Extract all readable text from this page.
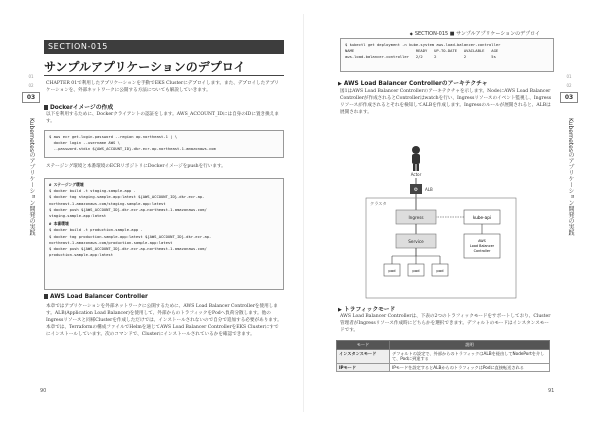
01
02
03
Kubernetesのアプリケーション開発の実践
SECTION-015
サンプルアプリケーションのデプロイ
CHAPTER 01で利用したアプリケーションを手動でEKS Clusterにデプロイします。また、デプロイしたアプリケーションを、外部ネットワークに公開する方法についても解説していきます。
Dockerイメージの作成
以下を利用するために、Dockerクライアントの認証をします。AWS_ACCOUNT_IDには自身のIDに置き換えます。
$ aws ecr get-login-password --region ap-northeast-1 | \
docker login --username AWS \
--password-stdin ${AWS_ACCOUNT_ID}.dkr.ecr.ap-northeast-1.amazonaws.com
ステージング環境と本番環境のECRリポジトリにDockerイメージをpushを行います。
# ステージング環境
$ docker build -t staging-sample-app .
$ docker tag staging-sample-app:latest ${AWS_ACCOUNT_ID}.dkr.ecr.ap-
northeast-1.amazonaws.com/staging-sample-app:latest
$ docker push ${AWS_ACCOUNT_ID}.dkr.ecr.ap-northeast-1.amazonaws.com/
staging-sample-app:latest
# 本番環境
$ docker build -t production-sample-app .
$ docker tag production-sample-app:latest ${AWS_ACCOUNT_ID}.dkr.ecr.ap-
northeast-1.amazonaws.com/production-sample-app:latest
$ docker push ${AWS_ACCOUNT_ID}.dkr.ecr.ap-northeast-1.amazonaws.com/
production-sample-app:latest
AWS Load Balancer Controller
本章ではアプリケーションを外部ネットワークに公開するために、AWS Load Balancer Controllerを使用します。ALB(Application Load Balancer)を使用して、外部からのトラフィックをPodへ負荷分散します。他のIngressリソースと同様Clusterを作成しただけでは、インストールされないので自分で追加する必要があります。
本章では、Terraformの構成ファイルでHelmを通じてAWS Load Balancer ControllerをEKS Clusterにすでにインストールしています。次のコマンドで、Clusterにインストールされているかを確認できます。
90
◆ SECTION-015 ■ サンプルアプリケーションのデプロイ
$ kubectl get deployment -n kube-system aws-load-balancer-controller
NAME                           READY   UP-TO-DATE   AVAILABLE   AGE
aws-load-balancer-controller   2/2     2            2           5s
▶ AWS Load Balancer Controllerのアーキテクチャ
図1はAWS Load Balancer Controllerのアーキテクチャを示します。NodeにAWS Load Balancer Controllerが作成されるとControllerはwatchを行い、Ingressリソースのイベント監視し、Ingressリソースが作成されるとそれを検知してALBを作成します。Ingressのルールが展開されると、ALBは展開されます。
Actor
⚙ ALB
クラスタ
Ingress
Service
pod	pod	pod
kube-api
AWS
Load Balancer
Controller
▶ トラフィックモード
AWS Load Balancer Controllerは、下表の2つのトラフィックモードをサポートしており、Cluster管理者がIngressリソース作成時にどちらかを選択できます。デフォルトのモードはインスタンスモードです。
モード	説明
インスタンスモード	デフォルトの設定で、外部からのトラフィックはALBを経由してNodePortを介して、Podに到達する
IPモード	IPモードを設定するとALBからのトラフィックはPodに直接転送される
01
02
03
Kubernetesのアプリケーション開発の実践
91
